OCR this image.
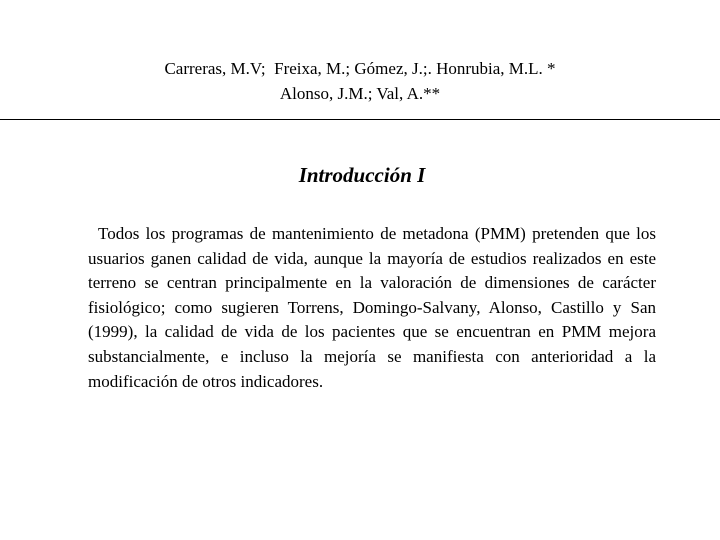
Carreras, M.V;  Freixa, M.; Gómez, J.;. Honrubia, M.L. *
Alonso, J.M.; Val, A.**
Introducción I

Todos los programas de mantenimiento de metadona (PMM) pretenden que los usuarios ganen calidad de vida, aunque la mayoría de estudios realizados en este terreno se centran principalmente en la valoración de dimensiones de carácter fisiológico; como sugieren Torrens, Domingo-Salvany, Alonso, Castillo y San (1999), la calidad de vida de los pacientes que se encuentran en PMM mejora substancialmente, e incluso la mejoría se manifiesta con anterioridad a la modificación de otros indicadores.
